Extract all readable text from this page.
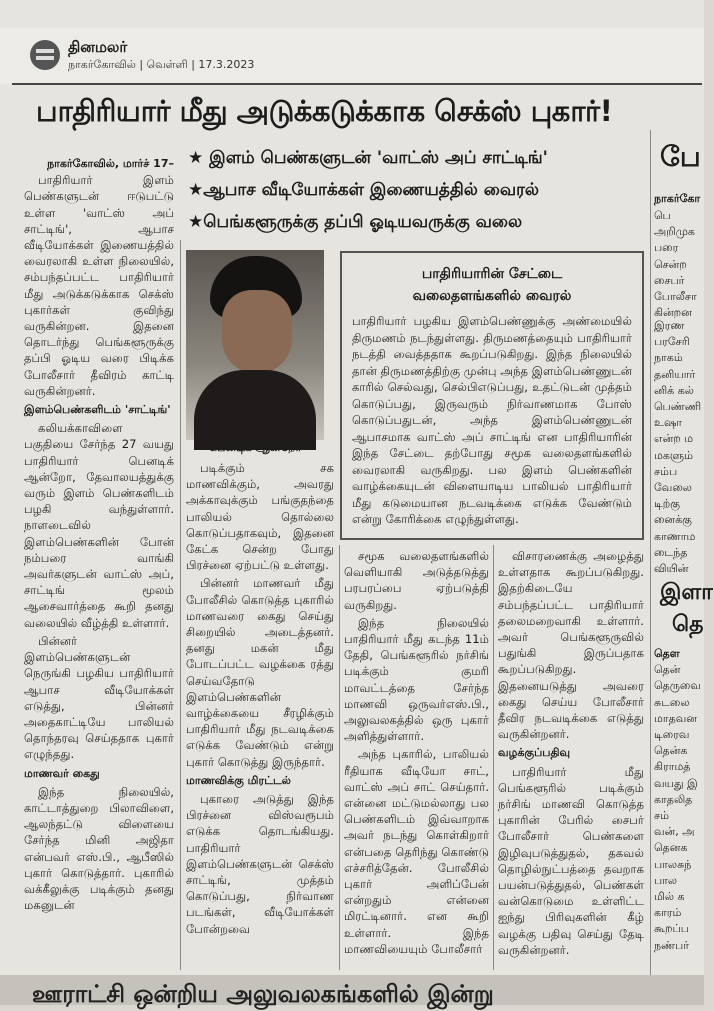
தினமலர்
நாகர்கோவில் | வெள்ளி | 17.3.2023
பாதிரியார் மீது அடுக்கடுக்காக செக்ஸ் புகார்!
★ இளம் பெண்களுடன் 'வாட்ஸ் அப் சாட்டிங்'
★ஆபாச வீடியோக்கள் இணையத்தில் வைரல்
★பெங்களூருக்கு தப்பி ஓடியவருக்கு வலை
நாகர்கோவில், மார்ச் 17–

பாதிரியார் இளம் பெண்களுடன் ஈடுபட்டு உள்ள 'வாட்ஸ் அப் சாட்டிங்', ஆபாச வீடியோக்கள் இணையத்தில் வைரலாகி உள்ள நிலையில், சம்பந்தப்பட்ட பாதிரியார் மீது அடுக்கடுக்காக செக்ஸ் புகார்கள் குவிந்து வருகின்றன. இதனை தொடர்ந்து பெங்களூருக்கு தப்பி ஓடிய வரை பிடிக்க போலீசார் தீவிரம் காட்டி வருகின்றனர்.

இளம்பெண்களிடம் 'சாட்டிங்'

கலியக்காவிளை பகுதியை சேர்ந்த 27 வயது பாதிரியார் பெனடிக் ஆன்றோ, தேவாலயத்துக்கு வரும் இளம் பெண்களிடம் பழகி வந்துள்ளார். நாளடைவில் இளம்பெண்களின் போன் நம்பரை வாங்கி அவர்களுடன் வாட்ஸ் அப், சாட்டிங் மூலம் ஆசைவார்த்தை கூறி தனது வலையில் வீழ்த்தி உள்ளார்.

பின்னர் இளம்பெண்களுடன் நெருங்கி பழகிய பாதிரியார் ஆபாச வீடியோக்கள் எடுத்து, பின்னர் அதைகாட்டியே பாலியல் தொந்தரவு செய்ததாக புகார் எழுந்தது.

மாணவர் கைது

இந்த நிலையில், காட்டாத்துறை பிலாவிளை, ஆலந்தட்டு விளையை சேர்ந்த மினி அஜிதா என்பவர் எஸ்.பி., ஆபீஸில் புகார் கொடுத்தார். புகாரில் வக்கீலுக்கு படிக்கும் தனது மகனுடன்

பெனடிக் ஆன்றோ
பாதிரியாரின் சேட்டை
வலைதளங்களில் வைரல்
பாதிரியார் பழகிய இளம்பெண்ணுக்கு அண்மையில் திருமணம் நடந்துள்ளது. திருமணத்தையும் பாதிரியார் நடத்தி வைத்ததாக கூறப்படுகிறது. இந்த நிலையில் தான் திருமணத்திற்கு முன்பு அந்த இளம்பெண்ணுடன் காரில் செல்வது, செல்பிஎடுப்பது, உதட்டுடன் முத்தம் கொடுப்பது, இருவரும் நிர்வாணமாக போஸ் கொடுப்பதுடன், அந்த இளம்பெண்ணுடன் ஆபாசமாக வாட்ஸ் அப் சாட்டிங் என பாதிரியாரின் இந்த சேட்டை தற்போது சமூக வலைதளங்களில் வைரலாகி வருகிறது. பல இளம் பெண்களின் வாழ்க்கையுடன் விளையாடிய பாலியல் பாதிரியார் மீது கடுமையான நடவடிக்கை எடுக்க வேண்டும் என்று கோரிக்கை எழுந்துள்ளது.

படிக்கும் சக மாணவிக்கும், அவரது அக்காவுக்கும் பங்குதந்தை பாலியல் தொல்லை கொடுப்பதாகவும், இதனை கேட்க சென்ற போது பிரச்னை ஏற்பட்டு உள்ளது.

பின்னர் மாணவர் மீது போலீசில் கொடுத்த புகாரில் மாணவரை கைது செய்து சிறையில் அடைத்தனர். தனது மகன் மீது போடப்பட்ட வழக்கை ரத்து செய்வதோடு இளம்பெண்களின் வாழ்க்கையை சீரழிக்கும் பாதிரியார் மீது நடவடிக்கை எடுக்க வேண்டும் என்று புகார் கொடுத்து இருந்தார்.

மாணவிக்கு மிரட்டல்

புகாரை அடுத்து இந்த பிரச்னை விஸ்வரூபம் எடுக்க தொடங்கியது. பாதிரியார் இளம்பெண்களுடன் செக்ஸ் சாட்டிங், முத்தம் கொடுப்பது, நிர்வாண படங்கள், வீடியோக்கள் போன்றவை

சமூக வலைதளங்களில் வெளியாகி அடுத்தடுத்து பரபரப்பை ஏற்படுத்தி வருகிறது.

இந்த நிலையில் பாதிரியார் மீது கடந்த 11ம் தேதி, பெங்களூரில் நர்சிங் படிக்கும் குமரி மாவட்டத்தை சேர்ந்த மாணவி ஒருவர்எஸ்.பி., அலுவலகத்தில் ஒரு புகார் அளித்துள்ளார்.

அந்த புகாரில், பாலியல் ரீதியாக வீடியோ சாட், வாட்ஸ் அப் சாட் செய்தார். என்னை மட்டுமல்லாது பல பெண்களிடம் இவ்வாறாக அவர் நடந்து கொள்கிறார் என்பதை தெரிந்து கொண்டு எச்சரித்தேன். போலீசில் புகார் அளிப்பேன் என்றதும் என்னை மிரட்டினார். என கூறி உள்ளார். இந்த மாணவியையும் போலீசார்

விசாரணைக்கு அழைத்து உள்ளதாக கூறப்படுகிறது. இதற்கிடையே சம்பந்தப்பட்ட பாதிரியார் தலைமறைவாகி உள்ளார். அவர் பெங்களூருவில் பதுங்கி இருப்பதாக கூறப்படுகிறது. இதனையடுத்து அவரை கைது செய்ய போலீசார் தீவிர நடவடிக்கை எடுத்து வருகின்றனர்.

வழக்குப்பதிவு

பாதிரியார் மீது பெங்களூரில் படிக்கும் நர்சிங் மாணவி கொடுத்த புகாரின் பேரில் சைபர் போலீசார் பெண்களை இழிவுபடுத்துதல், தகவல் தொழில்நுட்பத்தை தவறாக பயன்படுத்துதல், பெண்கள் வன்கொடுமை உள்ளிட்ட ஐந்து பிரிவுகளின் கீழ் வழக்கு பதிவு செய்து தேடி வருகின்றனர்.

பே
நாகர்கோ
பெ
அறிமுக
பரை
சென்ற
சைபர்
போலீசா
கின்றன
இரண
பரசேரி
நாகம்
தனியார்
னிக் கல்
பெண்ணி
உஷா
என்ற ம
மகளும்
சம்ப
வேலை
டிற்கு
னைக்கு
காணாம
டைந்த
வியின்
இளா
தெ
தெள
தென்
தெருவை
சுடலை
மாதவன
டிரைவ
தென்க
கிராமத்
வயது இ
காதலித
சம்
வன், அ
தெனக
பாலசுந்
பால
மில் க
காரம்
கூறப்ப
நண்பர்
ஊராட்சி ஒன்றிய அலுவலகங்களில் இன்று
